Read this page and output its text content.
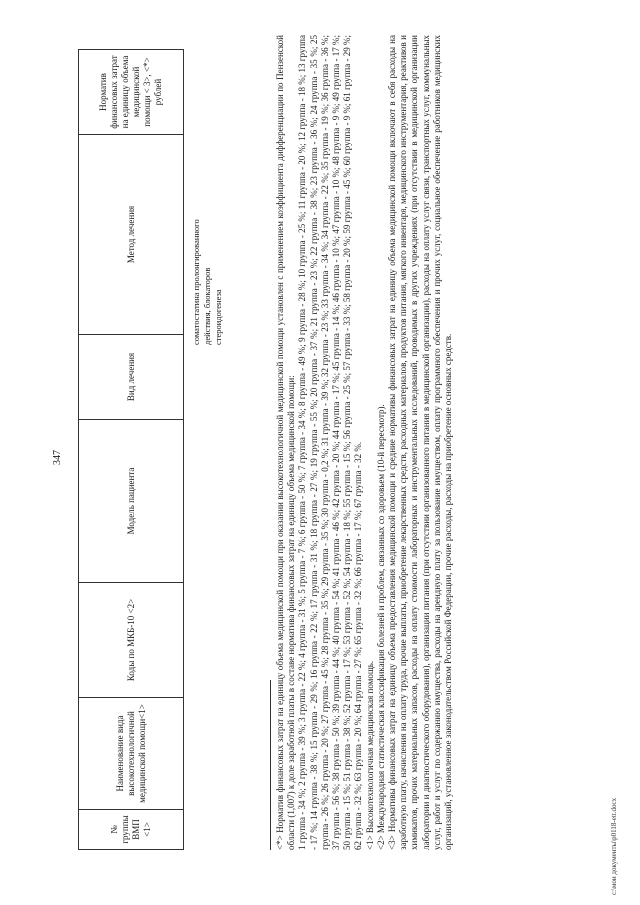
347
№ группы ВМП <1>	Наименование вида высокотехнологичной медицинской помощи<1>	Коды по МКБ-10 <2>	Модель пациента	Вид лечения	Метод лечения	Норматив финансовых затрат на единицу объема медицинской помощи < 3>, <*> рублей
соматостатина пролонгированного действия, блокаторов стероидогенеза	<*> Норматив финансовых затрат на единицу объема медицинской помощи при оказании высокотехнологичной медицинской помощи установлен с применением коэффициента дифференциации по Пензенской области (1,007) к доле заработной платы в составе норматива финансовых затрат на единицу объема медицинской помощи: 1 группа - 34 %; 2 группа - 39 %; 3 группа - 22 %; 4 группа - 31 %; 5 группа - 7 %; 6 группа - 50 %; 7 группа - 34 %; 8 группа - 49 %; 9 группа - 28 %; 10 группа - 25 %; 11 группа - 20 %; 12 группа - 18 %; 13 группа - 17 %; 14 группа - 38 %; 15 группа - 29 %; 16 группа - 22 %; 17 группа - 31 %; 18 группа - 27 %; 19 группа - 55 %; 20 группа - 37 %; 21 группа - 23 %; 22 группа - 38 %; 23 группа - 36 %; 24 группа - 35 %; 25 группа - 26 %; 26 группа - 20 %; 27 группа - 45 %; 28 группа - 35 %; 29 группа - 35 %; 30 группа - 0,2 %; 31 группа - 39 %; 32 группа - 23 %; 33 группа - 34 %; 34 группа - 22 %; 35 группа - 19 %; 36 группа - 36 %; 37 группа - 56 %; 38 группа - 50 %; 39 группа - 44 %; 40 группа - 54 %; 41 группа - 46 %; 42 группа - 20 %; 44 группа - 17 %; 45 группа - 14 %; 46 группа - 10 %; 47 группа - 10 %; 48 группа - 9 %; 49 группа - 17 %; 50 группа - 15 %; 51 группа - 38 %; 52 группа - 17 %; 53 группа - 52 %; 54 группа - 18 %; 55 группа - 15 %; 56 группа - 25 %; 57 группа - 33 %; 58 группа - 20 %; 59 группа - 45 %; 60 группа - 9 %; 61 группа - 29 %; 62 группа - 32 %; 63 группа - 20 %; 64 группа - 27 %; 65 группа - 32 %; 66 группа - 17 %; 67 группа - 32 %. <1> Высокотехнологичная медицинская помощь. <2> Международная статистическая классификация болезней и проблем, связанных со здоровьем (10-й пересмотр). <3> Нормативы финансовых затрат на единицу объема предоставления медицинской помощи и средние нормативы финансовых затрат на единицу объема медицинской помощи включают в себя расходы на заработную плату, начисления на оплату труда, прочие выплаты, приобретение лекарственных средств, расходных материалов, продуктов питания, мягкого инвентаря, медицинского инструментария, реактивов и химикатов, прочих материальных запасов, расходы на оплату стоимости лабораторных и инструментальных исследований, проводимых в других учреждениях (при отсутствии в медицинской организации лаборатории и диагностического оборудования), организации питания (при отсутствии организованного питания в медицинской организации), расходы на оплату услуг связи, транспортных услуг, коммунальных услуг, работ и услуг по содержанию имущества, расходы на арендную плату за пользование имуществом, оплату программного обеспечения и прочих услуг, социальное обеспечение работников медицинских организаций, установленное законодательством Российской Федерации, прочие расходы, расходы на приобретение основных средств.	c:\мои документы\p0118-ett.docx
